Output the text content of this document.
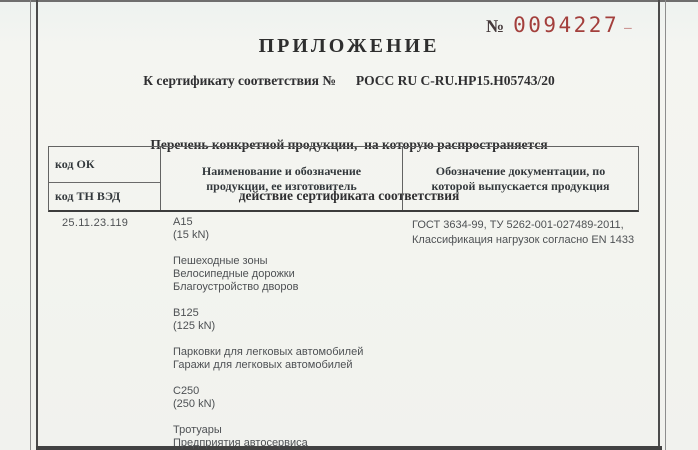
№ 0094227 –
ПРИЛОЖЕНИЕ
К сертификату соответствия № РОСС RU C-RU.НР15.Н05743/20

Перечень конкретной продукции,  на которую распространяется

действие сертификата соответствия

код ОК
код ТН ВЭД
Наименование и обозначение продукции, ее изготовитель
Обозначение документации, по которой выпускается продукция
25.11.23.119	A15
(15 kN)

Пешеходные зоны
Велосипедные дорожки
Благоустройство дворов

B125
(125 kN)

Парковки для легковых автомобилей
Гаражи для легковых автомобилей

C250
(250 kN)

Тротуары
Предприятия автосервиса
ГОСТ 3634-99, ТУ 5262-001-027489-2011,
Классификация нагрузок согласно EN 1433
